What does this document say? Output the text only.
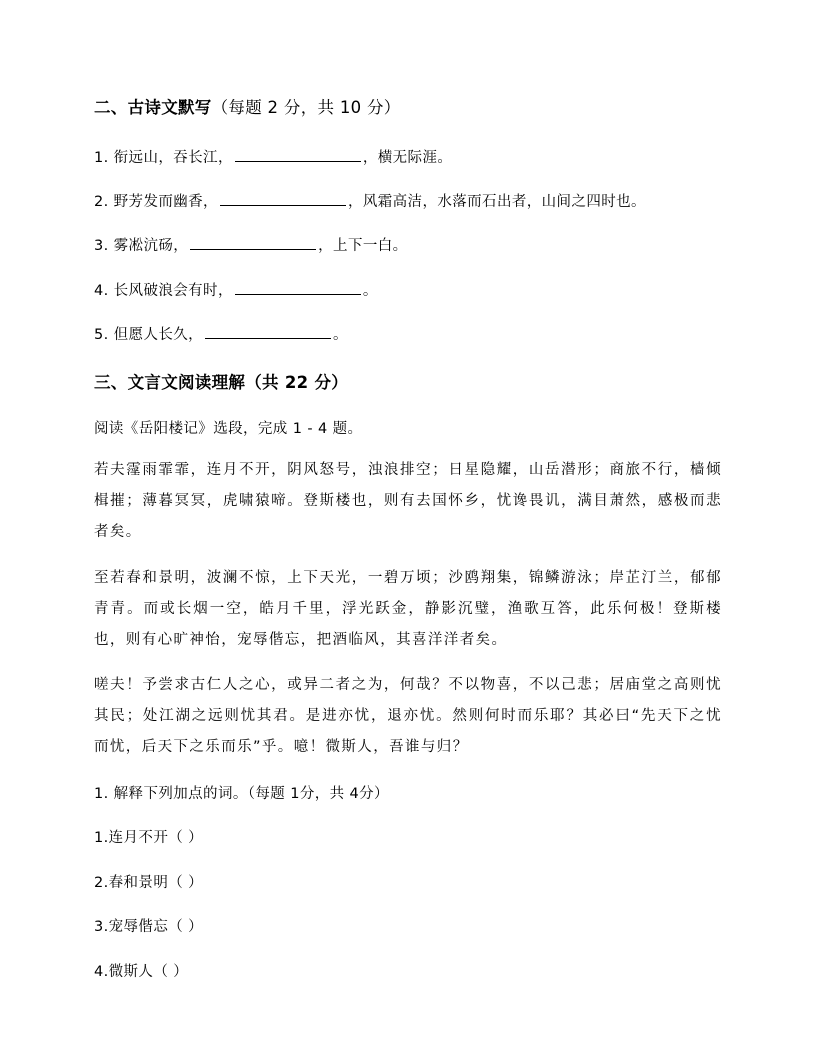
二、古诗文默写（每题 2 分，共 10 分）
1. 衔远山，吞长江，	，横无际涯。
2. 野芳发而幽香，	，风霜高洁，水落而石出者，山间之四时也。
3. 雾凇沆砀，	，上下一白。
4. 长风破浪会有时，	。
5. 但愿人长久，	。
三、文言文阅读理解（共 22 分）
阅读《岳阳楼记》选段，完成 1 - 4 题。
若夫霪雨霏霏，连月不开，阴风怒号，浊浪排空；日星隐耀，山岳潜形；商旅不行，樯倾楫摧；薄暮冥冥，虎啸猿啼。登斯楼也，则有去国怀乡，忧谗畏讥，满目萧然，感极而悲者矣。
至若春和景明，波澜不惊，上下天光，一碧万顷；沙鸥翔集，锦鳞游泳；岸芷汀兰，郁郁青青。而或长烟一空，皓月千里，浮光跃金，静影沉璧，渔歌互答，此乐何极！登斯楼也，则有心旷神怡，宠辱偕忘，把酒临风，其喜洋洋者矣。
嗟夫！予尝求古仁人之心，或异二者之为，何哉？不以物喜，不以己悲；居庙堂之高则忧其民；处江湖之远则忧其君。是进亦忧，退亦忧。然则何时而乐耶？其必曰“先天下之忧而忧，后天下之乐而乐”乎。噫！微斯人，吾谁与归？
1. 解释下列加点的词。（每题 1分，共 4分）
1.连月不开（ ）
2.春和景明（ ）
3.宠辱偕忘（ ）
4.微斯人（ ）
